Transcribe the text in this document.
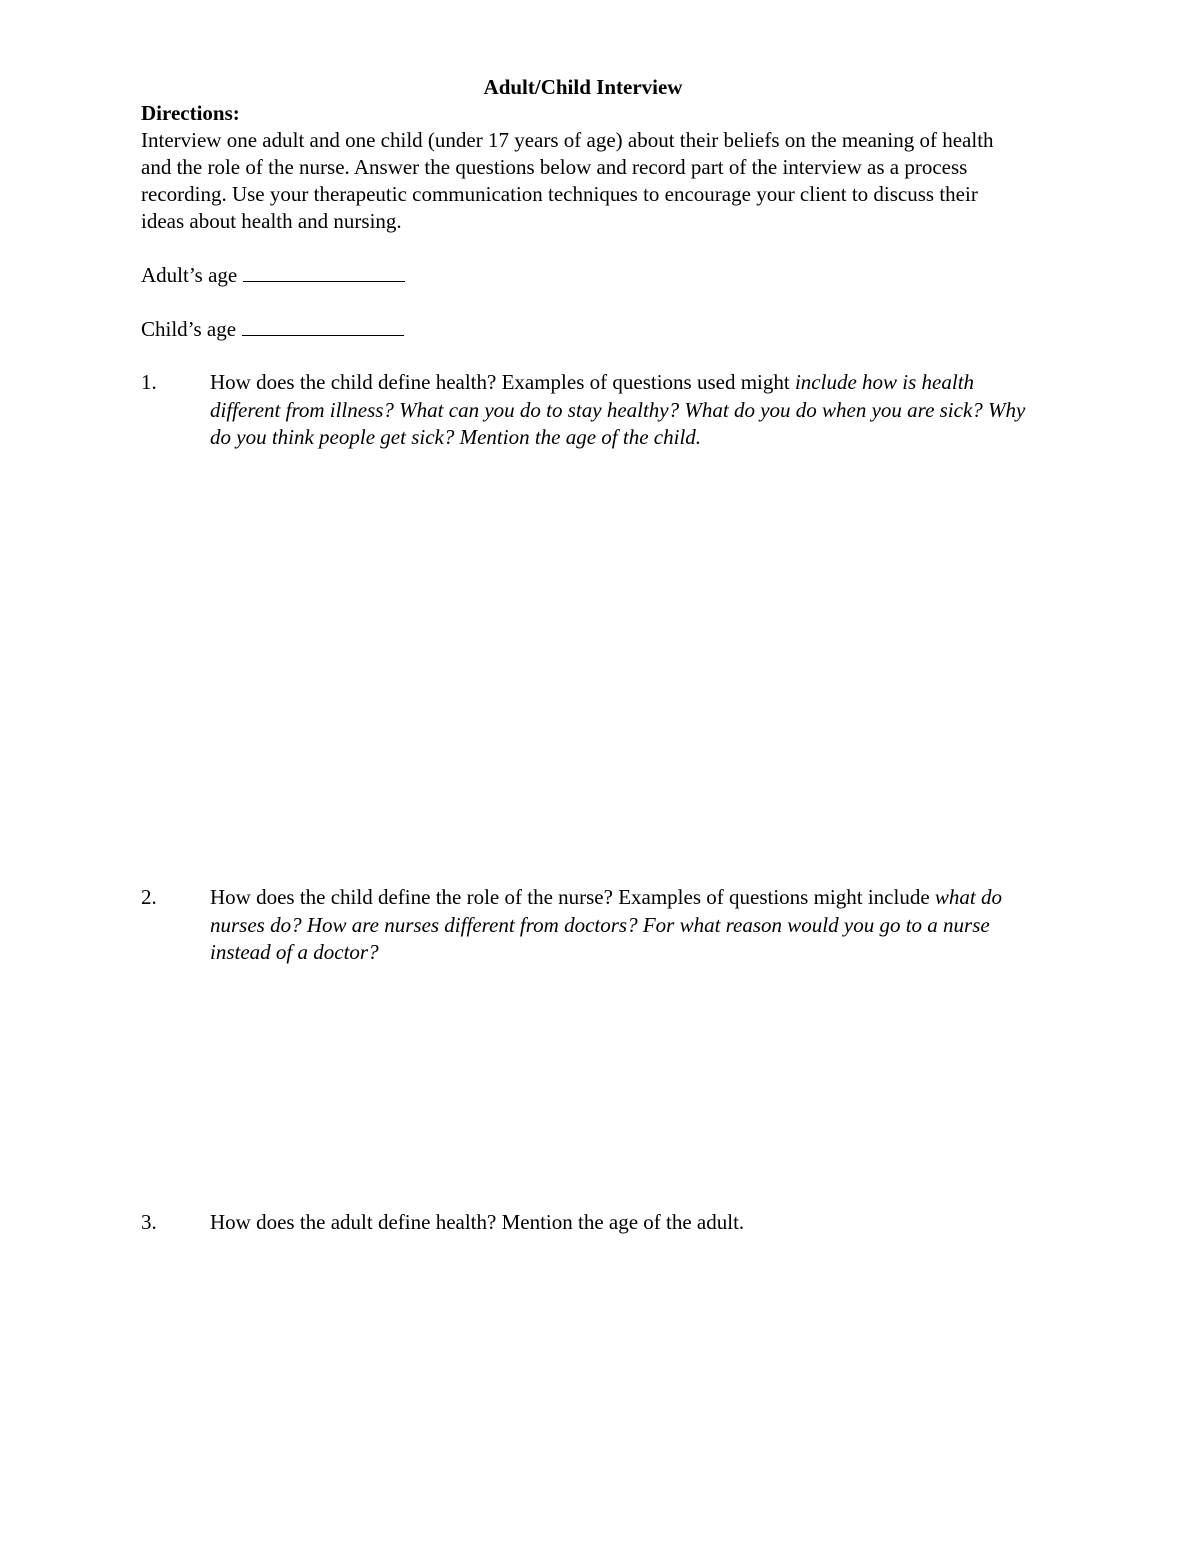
Adult/Child Interview
Directions:
Interview one adult and one child (under 17 years of age) about their beliefs on the meaning of health and the role of the nurse. Answer the questions below and record part of the interview as a process recording. Use your therapeutic communication techniques to encourage your client to discuss their ideas about health and nursing.
Adult’s age
Child’s age
1.	How does the child define health? Examples of questions used might include how is health different from illness? What can you do to stay healthy? What do you do when you are sick? Why do you think people get sick? Mention the age of the child.
2.	How does the child define the role of the nurse? Examples of questions might include what do nurses do? How are nurses different from doctors? For what reason would you go to a nurse instead of a doctor?
3.	How does the adult define health? Mention the age of the adult.
